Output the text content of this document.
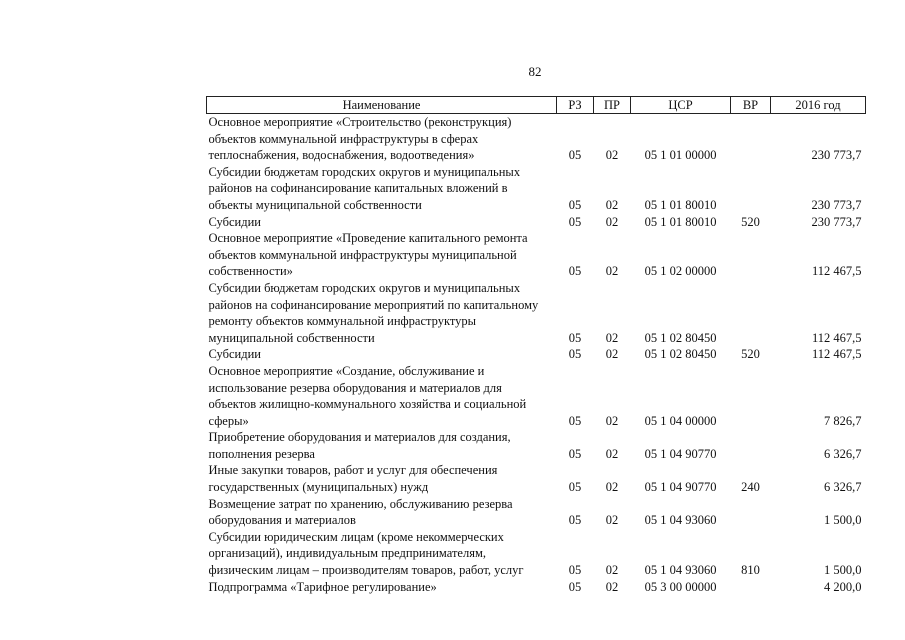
82
Наименование	РЗ	ПР	ЦСР	ВР	2016 год
Основное мероприятие «Строительство (реконструкция)
объектов коммунальной инфраструктуры в сферах
теплоснабжения, водоснабжения, водоотведения»	05	02	05 1 01 00000		230 773,7
Субсидии бюджетам городских округов и муниципальных
районов на софинансирование капитальных вложений в
объекты муниципальной собственности	05	02	05 1 01 80010		230 773,7
Субсидии	05	02	05 1 01 80010	520	230 773,7
Основное мероприятие «Проведение капитального ремонта
объектов коммунальной инфраструктуры муниципальной
собственности»	05	02	05 1 02 00000		112 467,5
Субсидии бюджетам городских округов и муниципальных
районов на софинансирование мероприятий по капитальному
ремонту объектов коммунальной инфраструктуры
муниципальной собственности	05	02	05 1 02 80450		112 467,5
Субсидии	05	02	05 1 02 80450	520	112 467,5
Основное мероприятие «Создание, обслуживание и
использование резерва оборудования и материалов для
объектов жилищно-коммунального хозяйства и социальной
сферы»	05	02	05 1 04 00000		7 826,7
Приобретение оборудования и материалов для создания,
пополнения резерва	05	02	05 1 04 90770		6 326,7
Иные закупки товаров, работ и услуг для обеспечения
государственных (муниципальных) нужд	05	02	05 1 04 90770	240	6 326,7
Возмещение затрат по хранению, обслуживанию резерва
оборудования и материалов	05	02	05 1 04 93060		1 500,0
Субсидии юридическим лицам (кроме некоммерческих
организаций), индивидуальным предпринимателям,
физическим лицам – производителям товаров, работ, услуг	05	02	05 1 04 93060	810	1 500,0
Подпрограмма «Тарифное регулирование»	05	02	05 3 00 00000		4 200,0
